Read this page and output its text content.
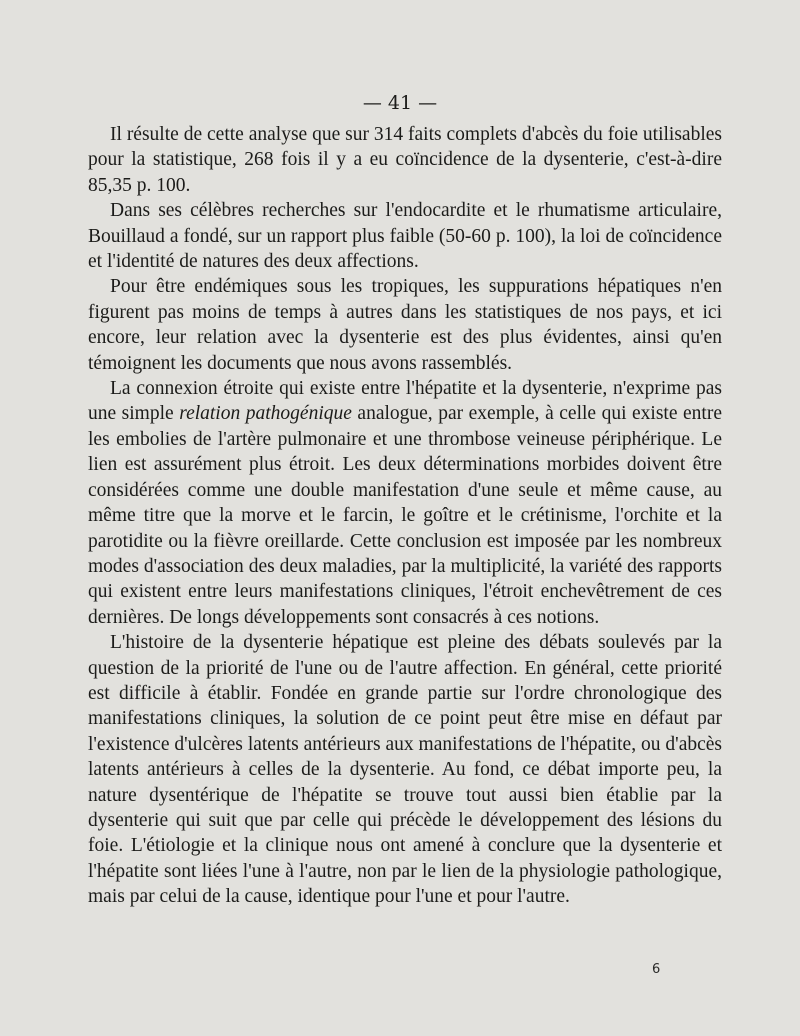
— 41 —

Il résulte de cette analyse que sur 314 faits complets d'abcès du foie utilisables pour la statistique, 268 fois il y a eu coïncidence de la dysenterie, c'est-à-dire 85,35 p. 100.

Dans ses célèbres recherches sur l'endocardite et le rhumatisme articulaire, Bouillaud a fondé, sur un rapport plus faible (50-60 p. 100), la loi de coïncidence et l'identité de natures des deux affections.

Pour être endémiques sous les tropiques, les suppurations hépatiques n'en figurent pas moins de temps à autres dans les statistiques de nos pays, et ici encore, leur relation avec la dysenterie est des plus évidentes, ainsi qu'en témoignent les documents que nous avons rassemblés.

La connexion étroite qui existe entre l'hépatite et la dysenterie, n'exprime pas une simple relation pathogénique analogue, par exemple, à celle qui existe entre les embolies de l'artère pulmonaire et une thrombose veineuse périphérique. Le lien est assurément plus étroit. Les deux déterminations morbides doivent être considérées comme une double manifestation d'une seule et même cause, au même titre que la morve et le farcin, le goître et le crétinisme, l'orchite et la parotidite ou la fièvre oreillarde. Cette conclusion est imposée par les nombreux modes d'association des deux maladies, par la multiplicité, la variété des rapports qui existent entre leurs manifestations cliniques, l'étroit enchevêtrement de ces dernières. De longs développements sont consacrés à ces notions.

L'histoire de la dysenterie hépatique est pleine des débats soulevés par la question de la priorité de l'une ou de l'autre affection. En général, cette priorité est difficile à établir. Fondée en grande partie sur l'ordre chronologique des manifestations cliniques, la solution de ce point peut être mise en défaut par l'existence d'ulcères latents antérieurs aux manifestations de l'hépatite, ou d'abcès latents antérieurs à celles de la dysenterie. Au fond, ce débat importe peu, la nature dysentérique de l'hépatite se trouve tout aussi bien établie par la dysenterie qui suit que par celle qui précède le développement des lésions du foie. L'étiologie et la clinique nous ont amené à conclure que la dysenterie et l'hépatite sont liées l'une à l'autre, non par le lien de la physiologie pathologique, mais par celui de la cause, identique pour l'une et pour l'autre.

6
